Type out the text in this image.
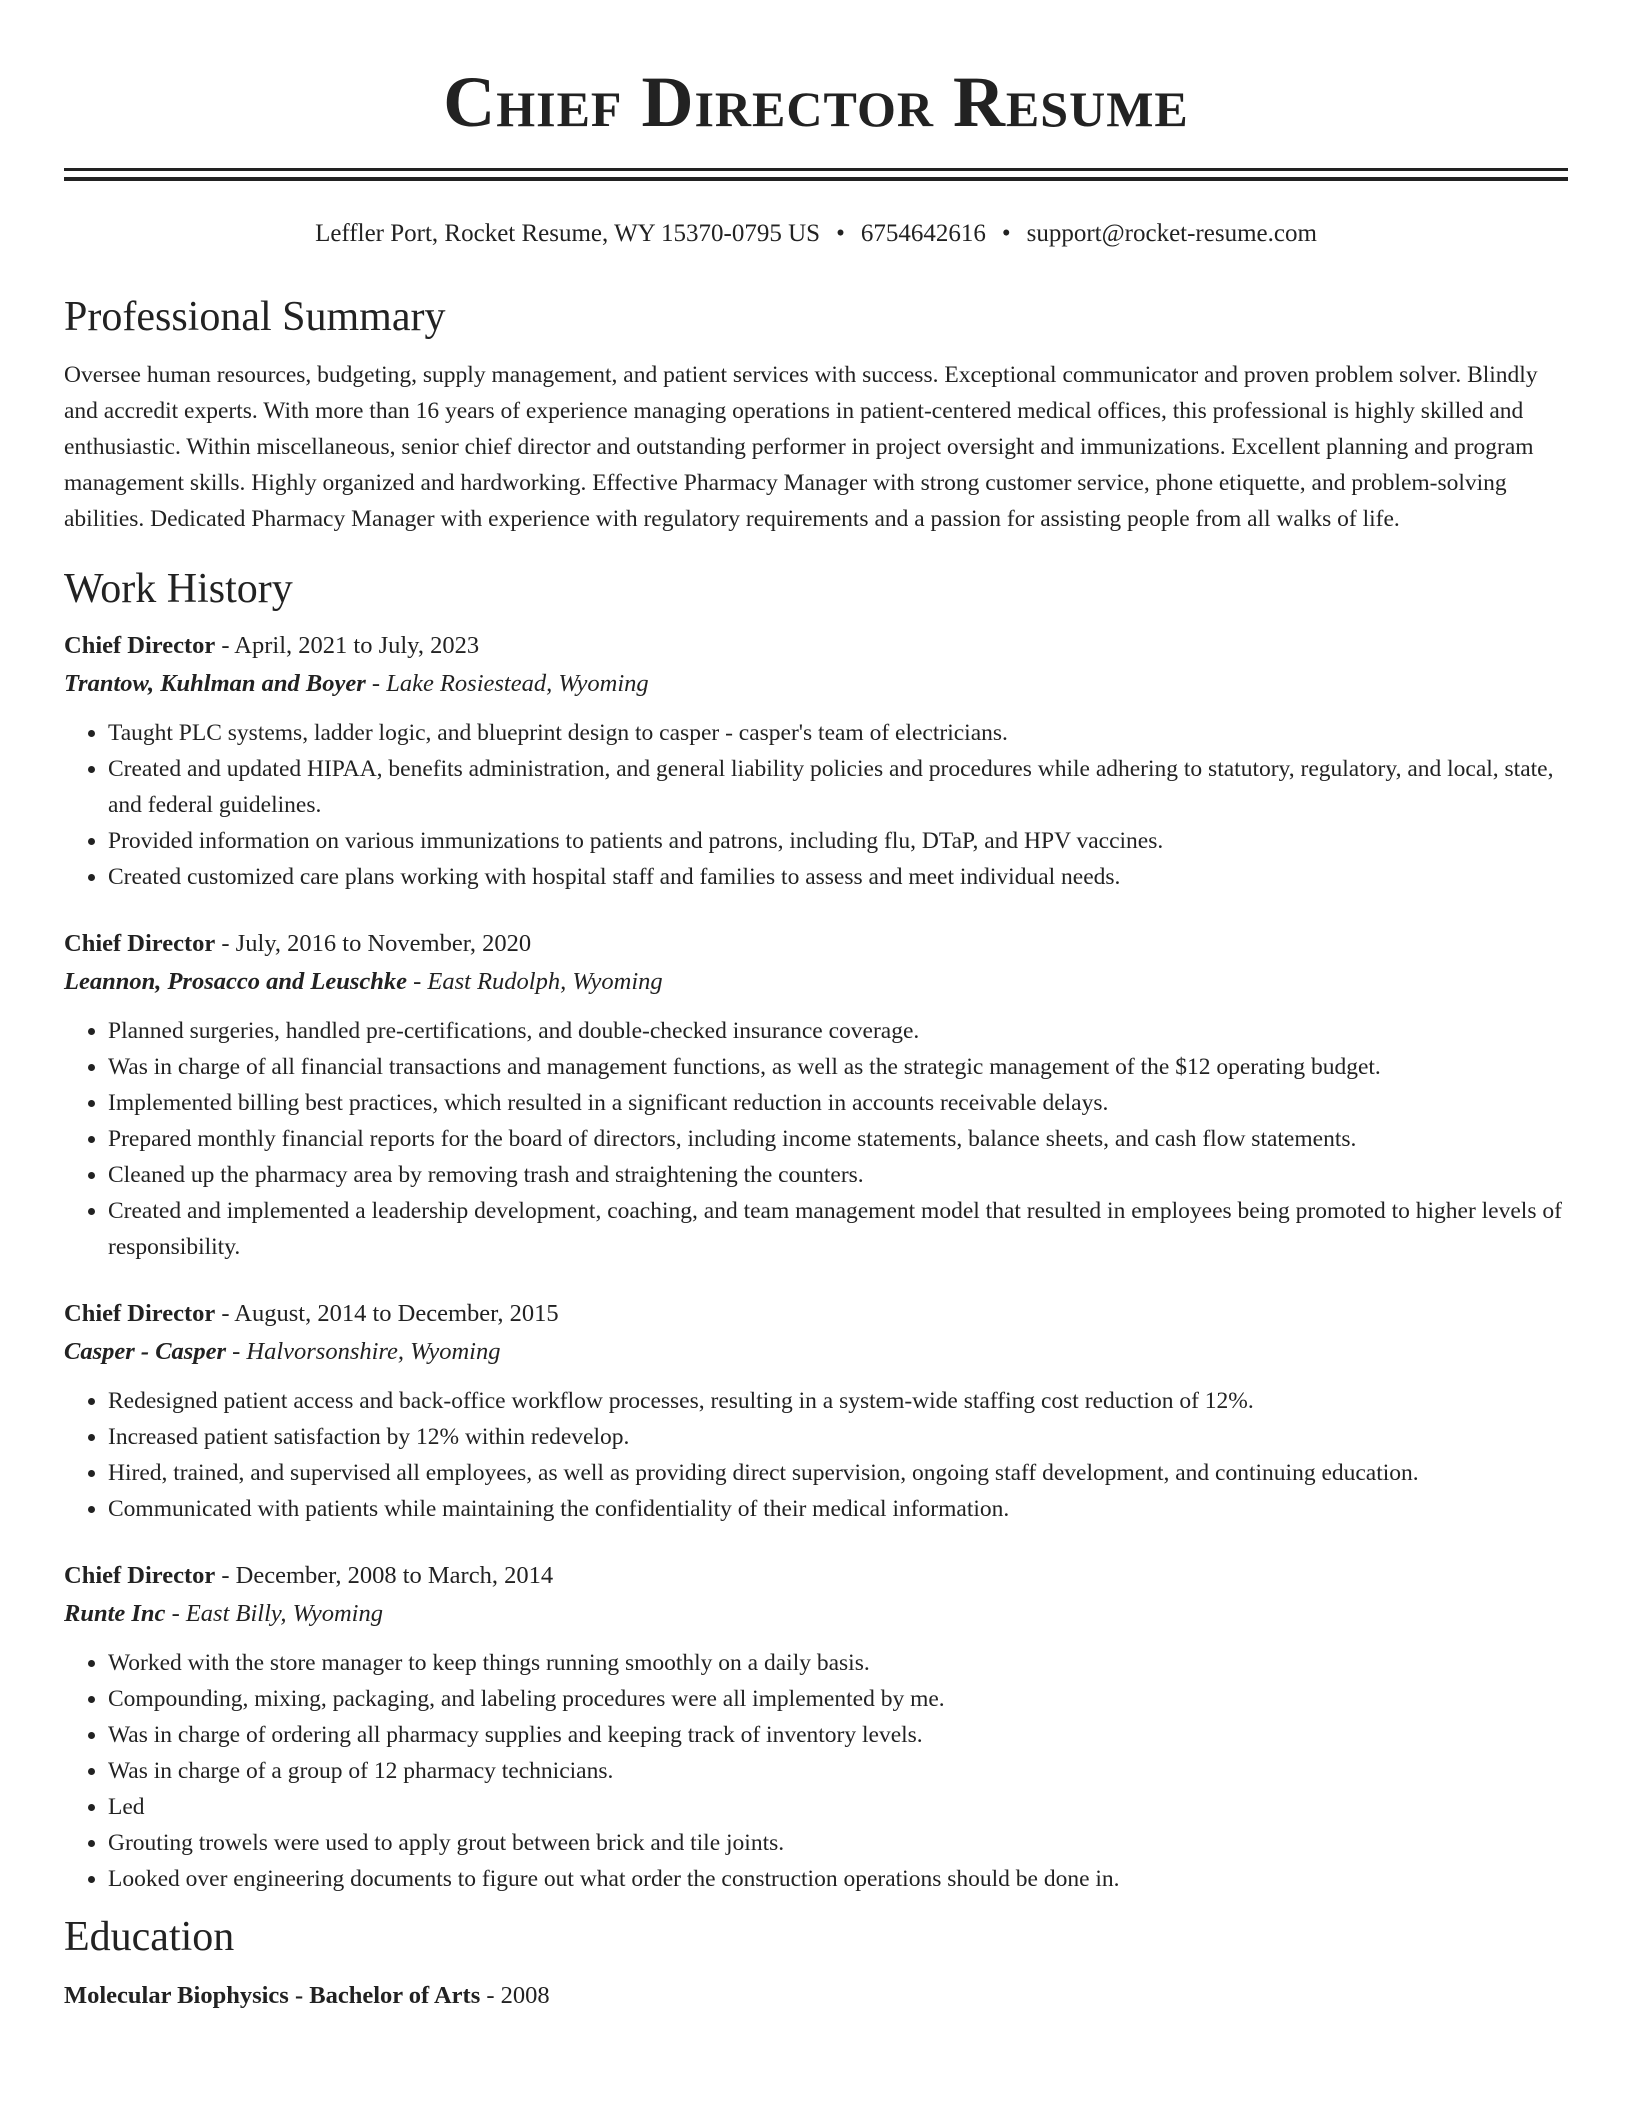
Chief Director Resume
Leffler Port, Rocket Resume, WY 15370-0795 US • 6754642616 • support@rocket-resume.com
Professional Summary
Oversee human resources, budgeting, supply management, and patient services with success. Exceptional communicator and proven problem solver. Blindly and accredit experts. With more than 16 years of experience managing operations in patient-centered medical offices, this professional is highly skilled and enthusiastic. Within miscellaneous, senior chief director and outstanding performer in project oversight and immunizations. Excellent planning and program management skills. Highly organized and hardworking. Effective Pharmacy Manager with strong customer service, phone etiquette, and problem-solving abilities. Dedicated Pharmacy Manager with experience with regulatory requirements and a passion for assisting people from all walks of life.
Work History
Chief Director - April, 2021 to July, 2023
Trantow, Kuhlman and Boyer - Lake Rosiestead, Wyoming
• Taught PLC systems, ladder logic, and blueprint design to casper - casper's team of electricians.
• Created and updated HIPAA, benefits administration, and general liability policies and procedures while adhering to statutory, regulatory, and local, state, and federal guidelines.
• Provided information on various immunizations to patients and patrons, including flu, DTaP, and HPV vaccines.
• Created customized care plans working with hospital staff and families to assess and meet individual needs.
Chief Director - July, 2016 to November, 2020
Leannon, Prosacco and Leuschke - East Rudolph, Wyoming
• Planned surgeries, handled pre-certifications, and double-checked insurance coverage.
• Was in charge of all financial transactions and management functions, as well as the strategic management of the $12 operating budget.
• Implemented billing best practices, which resulted in a significant reduction in accounts receivable delays.
• Prepared monthly financial reports for the board of directors, including income statements, balance sheets, and cash flow statements.
• Cleaned up the pharmacy area by removing trash and straightening the counters.
• Created and implemented a leadership development, coaching, and team management model that resulted in employees being promoted to higher levels of responsibility.
Chief Director - August, 2014 to December, 2015
Casper - Casper - Halvorsonshire, Wyoming
• Redesigned patient access and back-office workflow processes, resulting in a system-wide staffing cost reduction of 12%.
• Increased patient satisfaction by 12% within redevelop.
• Hired, trained, and supervised all employees, as well as providing direct supervision, ongoing staff development, and continuing education.
• Communicated with patients while maintaining the confidentiality of their medical information.
Chief Director - December, 2008 to March, 2014
Runte Inc - East Billy, Wyoming
• Worked with the store manager to keep things running smoothly on a daily basis.
• Compounding, mixing, packaging, and labeling procedures were all implemented by me.
• Was in charge of ordering all pharmacy supplies and keeping track of inventory levels.
• Was in charge of a group of 12 pharmacy technicians.
• Led
• Grouting trowels were used to apply grout between brick and tile joints.
• Looked over engineering documents to figure out what order the construction operations should be done in.
Education
Molecular Biophysics - Bachelor of Arts - 2008
